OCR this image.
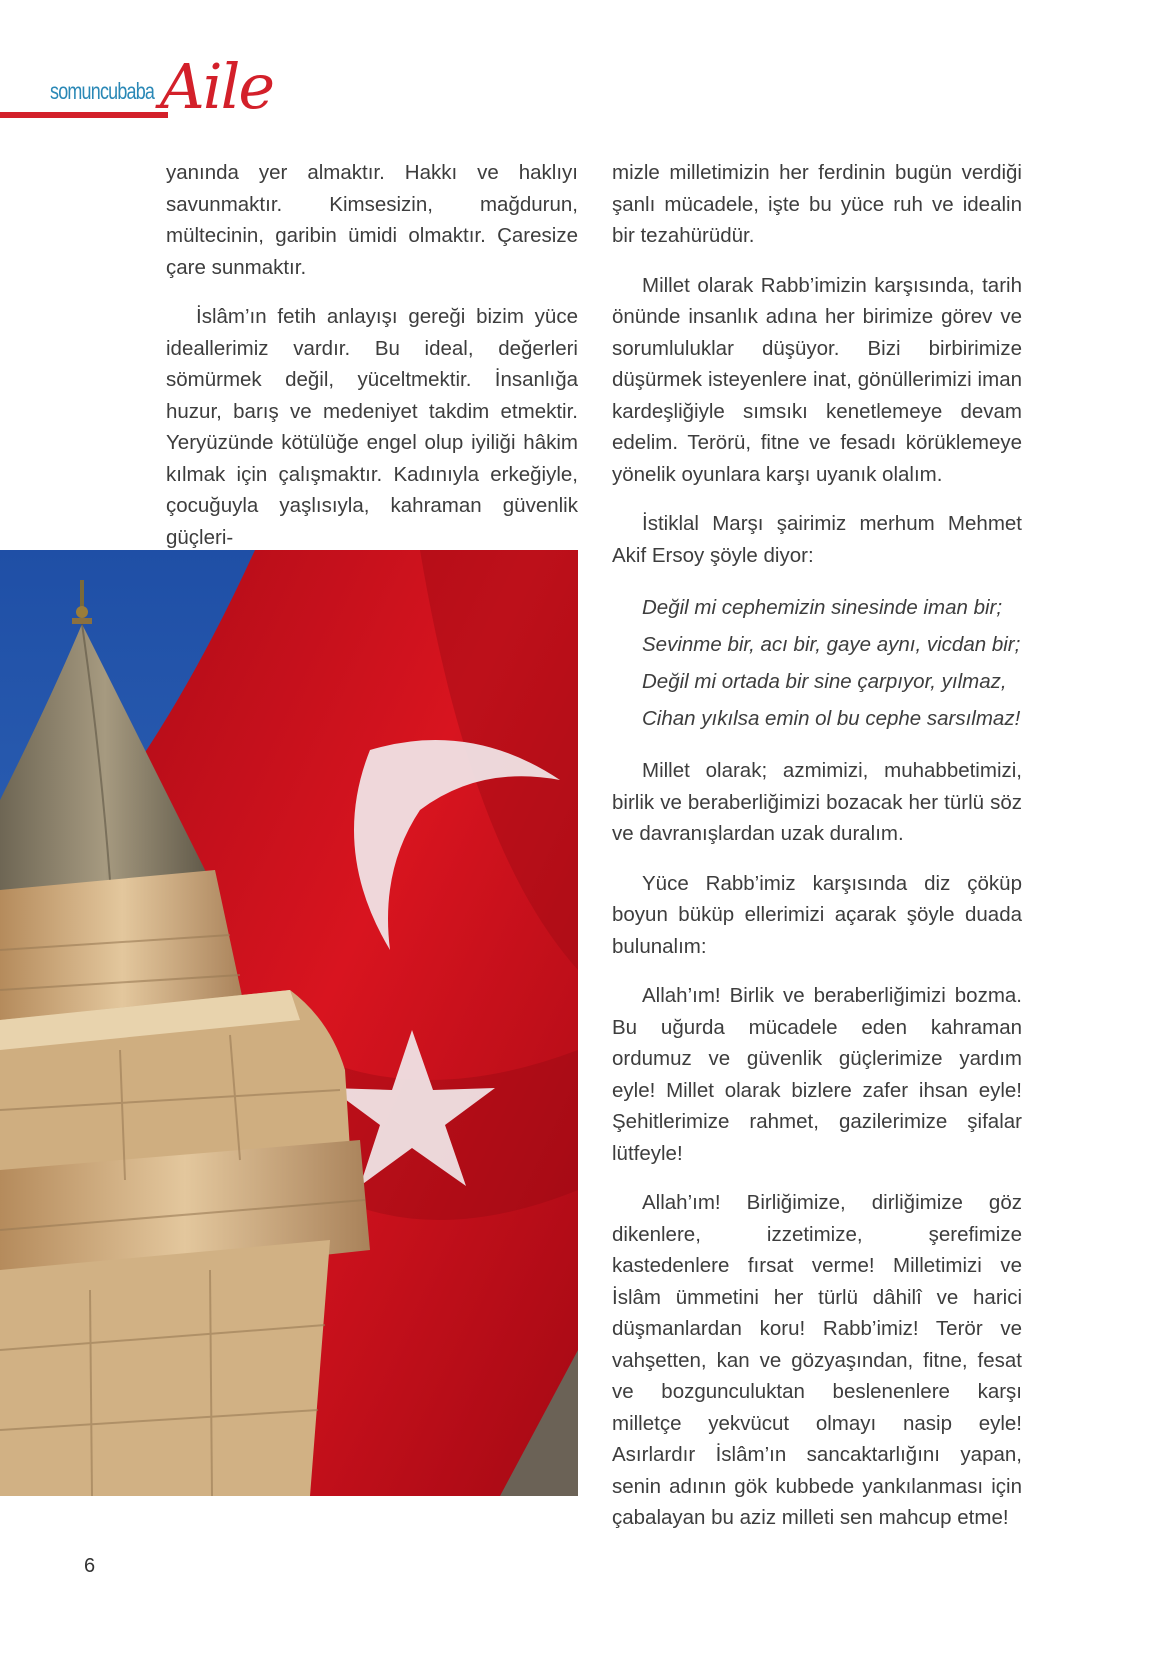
somuncubaba Aile

yanında yer almaktır. Hakkı ve haklıyı savunmaktır. Kimsesizin, mağdurun, mültecinin, garibin ümidi olmaktır. Çaresize çare sunmaktır.

İslâm’ın fetih anlayışı gereği bizim yüce ideallerimiz vardır. Bu ideal, değerleri sömürmek değil, yüceltmektir. İnsanlığa huzur, barış ve medeniyet takdim etmektir. Yeryüzünde kötülüğe engel olup iyiliği hâkim kılmak için çalışmaktır. Kadınıyla erkeğiyle, çocuğuyla yaşlısıyla, kahraman güvenlik güçleri-

mizle milletimizin her ferdinin bugün verdiği şanlı mücadele, işte bu yüce ruh ve idealin bir tezahürüdür.

Millet olarak Rabb’imizin karşısında, tarih önünde insanlık adına her birimize görev ve sorumluluklar düşüyor. Bizi birbirimize düşürmek isteyenlere inat, gönüllerimizi iman kardeşliğiyle sımsıkı kenetlemeye devam edelim. Terörü, fitne ve fesadı körüklemeye yönelik oyunlara karşı uyanık olalım.

İstiklal Marşı şairimiz merhum Mehmet Akif Ersoy şöyle diyor:

Değil mi cephemizin sinesinde iman bir;
Sevinme bir, acı bir, gaye aynı, vicdan bir;
Değil mi ortada bir sine çarpıyor, yılmaz,
Cihan yıkılsa emin ol bu cephe sarsılmaz!

Millet olarak; azmimizi, muhabbetimizi, birlik ve beraberliğimizi bozacak her türlü söz ve davranışlardan uzak duralım.

Yüce Rabb’imiz karşısında diz çöküp boyun büküp ellerimizi açarak şöyle duada bulunalım:

Allah’ım! Birlik ve beraberliğimizi bozma. Bu uğurda mücadele eden kahraman ordumuz ve güvenlik güçlerimize yardım eyle! Millet olarak bizlere zafer ihsan eyle! Şehitlerimize rahmet, gazilerimize şifalar lütfeyle!

Allah’ım! Birliğimize, dirliğimize göz dikenlere, izzetimize, şerefimize kastedenlere fırsat verme! Milletimizi ve İslâm ümmetini her türlü dâhilî ve harici düşmanlardan koru! Rabb’imiz! Terör ve vahşetten, kan ve gözyaşından, fitne, fesat ve bozgunculuktan beslenenlere karşı milletçe yekvücut olmayı nasip eyle! Asırlardır İslâm’ın sancaktarlığını yapan, senin adının gök kubbede yankılanması için çabalayan bu aziz milleti sen mahcup etme!

6
